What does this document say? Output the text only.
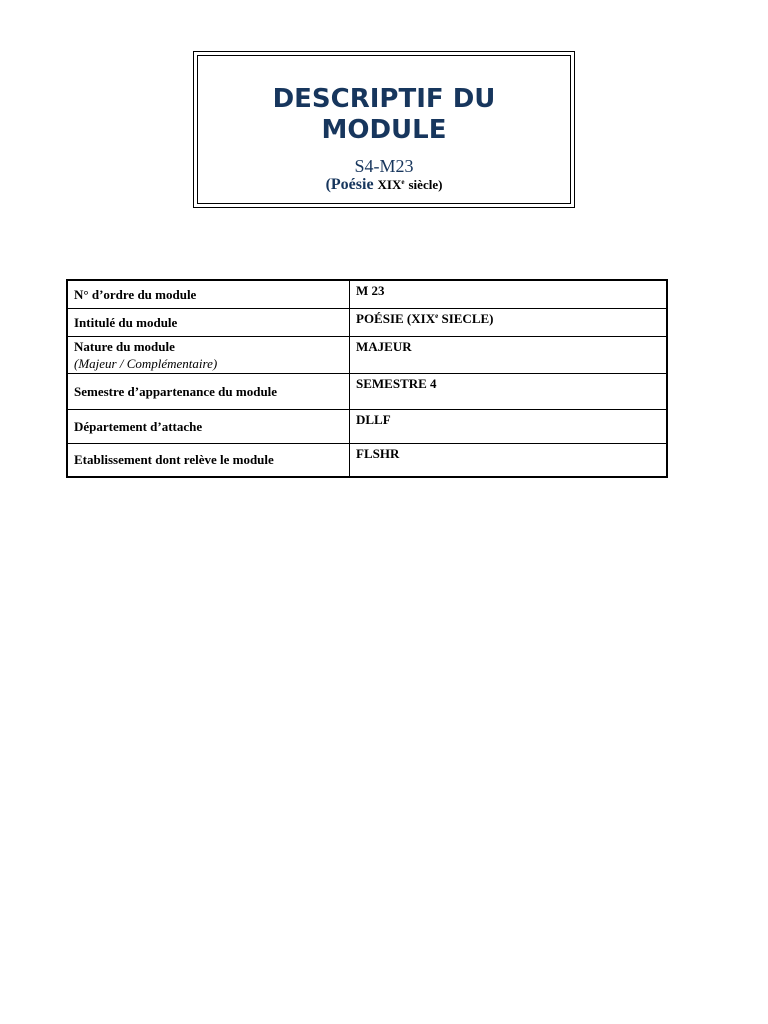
DESCRIPTIF DU MODULE
S4-M23
(Poésie XIXe siècle)
N° d’ordre du module	M 23
Intitulé du module	POÉSIE (XIXe SIECLE)

Nature du module
(Majeur / Complémentaire)	MAJEUR
Semestre d’appartenance du module	SEMESTRE 4
Département d’attache	DLLF
Etablissement dont relève le module	FLSHR
